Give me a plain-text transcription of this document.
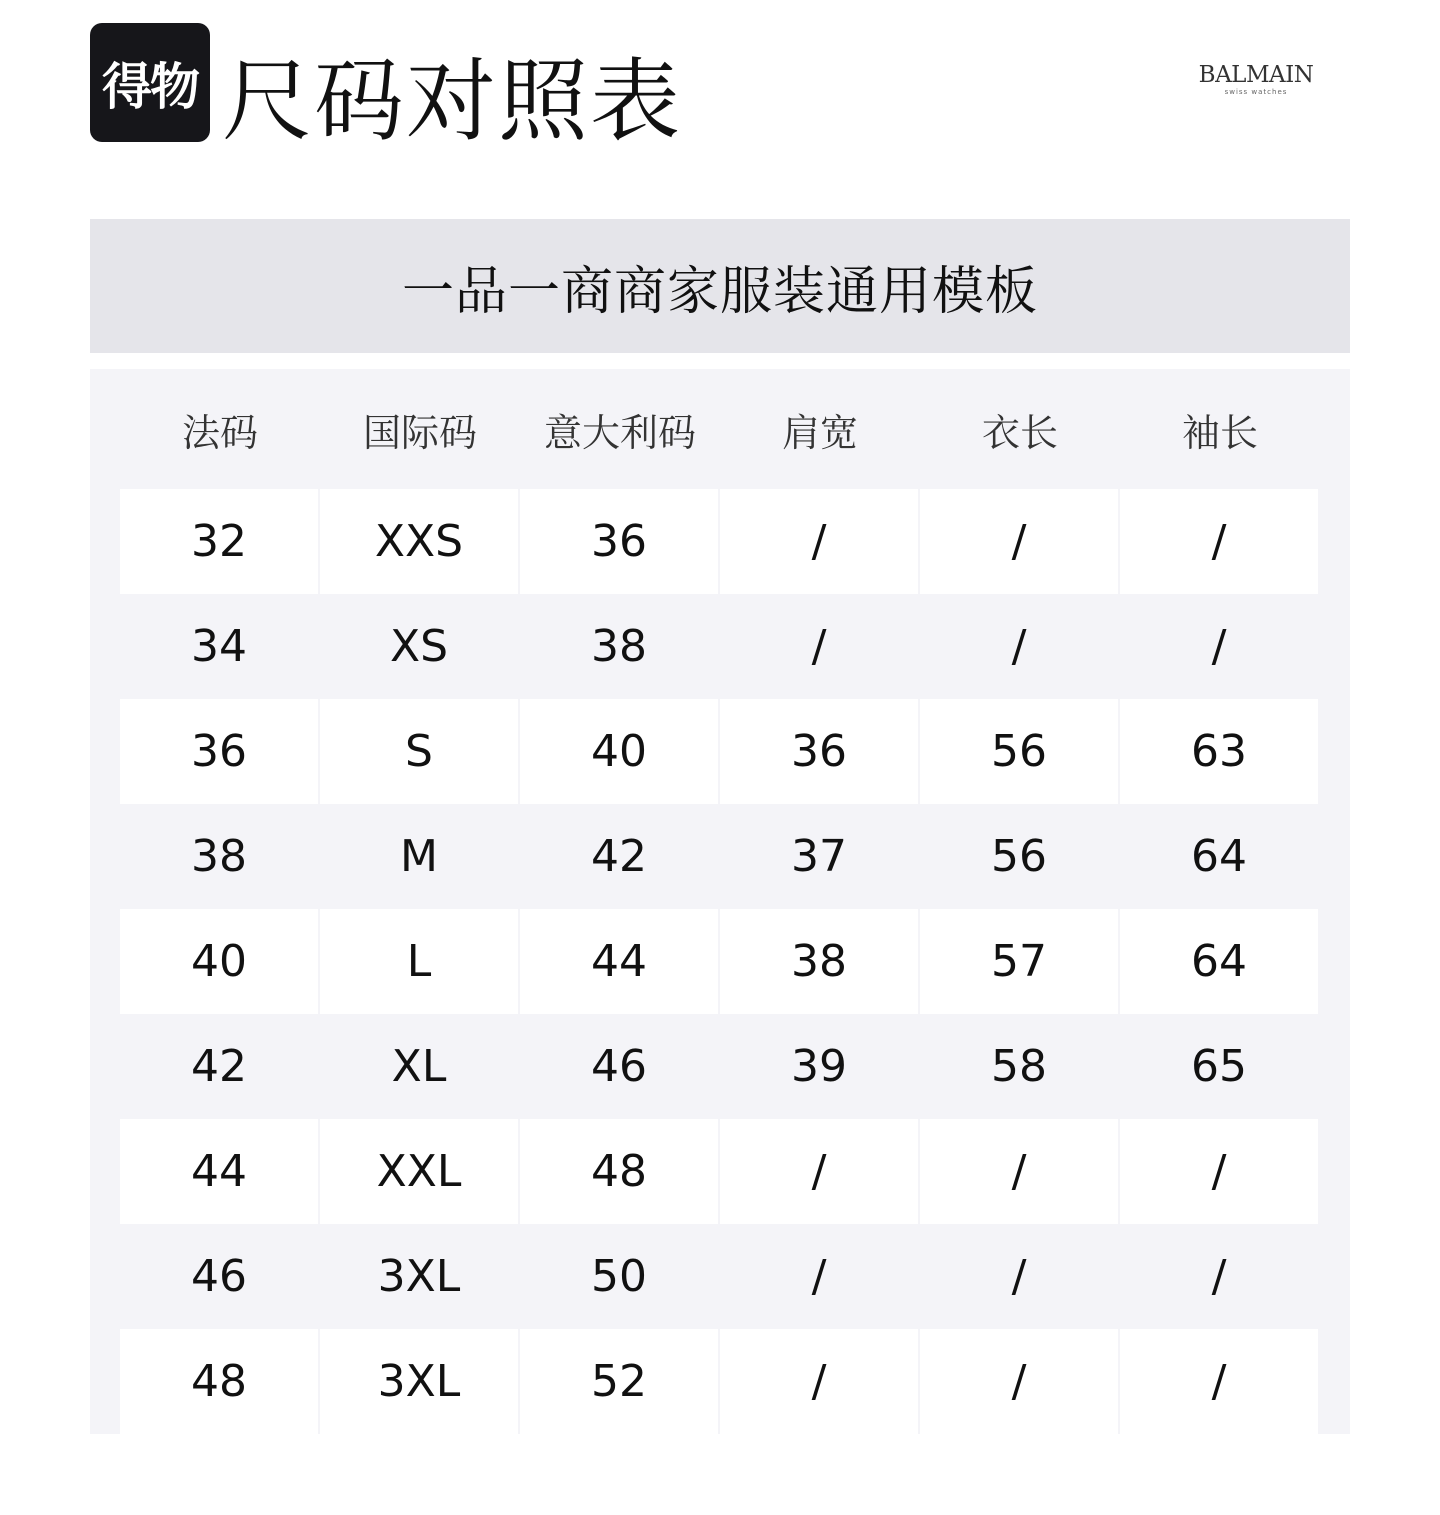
得物 尺码对照表	BALMAIN
swiss watches
一品一商商家服装通用模板
法码	国际码	意大利码	肩宽	衣长	袖长
32	XXS	36	/	/	/
34	XS	38	/	/	/
36	S	40	36	56	63
38	M	42	37	56	64
40	L	44	38	57	64
42	XL	46	39	58	65
44	XXL	48	/	/	/
46	3XL	50	/	/	/
48	3XL	52	/	/	/
